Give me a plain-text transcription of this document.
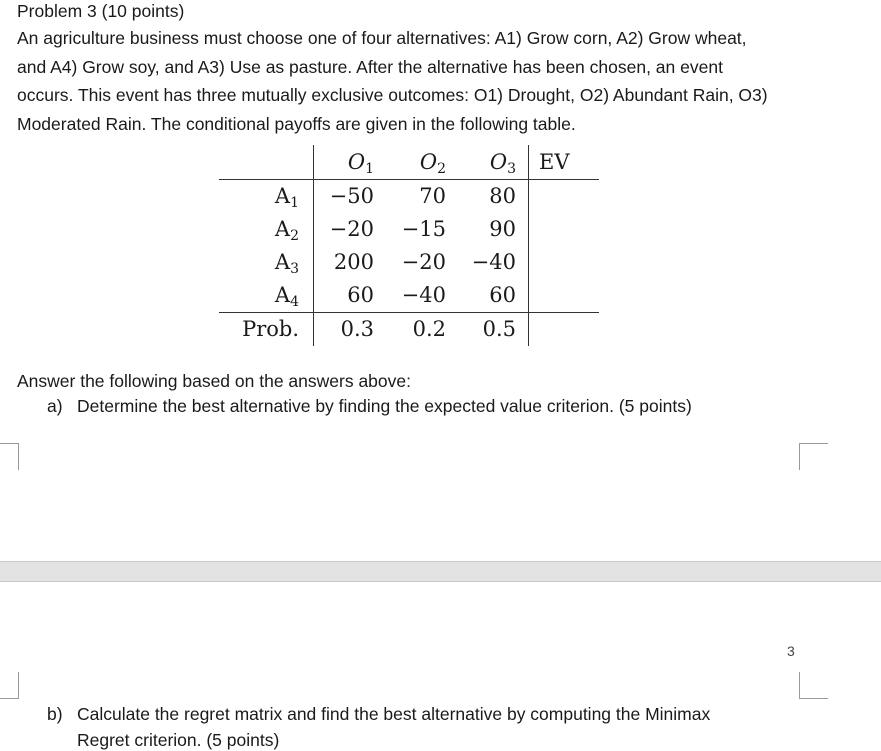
Problem 3 (10 points)
An agriculture business must choose one of four alternatives: A1) Grow corn, A2) Grow wheat,
and A4) Grow soy, and A3) Use as pasture. After the alternative has been chosen, an event
occurs. This event has three mutually exclusive outcomes: O1) Drought, O2) Abundant Rain, O3)
Moderated Rain. The conditional payoffs are given in the following table.
	$O_1$	$O_2$	$O_3$	EV
$A_1$	−50	70	80	
$A_2$	−20	−15	90	
$A_3$	200	−20	−40	
$A_4$	60	−40	60	
Prob.	0.3	0.2	0.5	
Answer the following based on the answers above:
a) Determine the best alternative by finding the expected value criterion. (5 points)
3
b) Calculate the regret matrix and find the best alternative by computing the Minimax
Regret criterion. (5 points)
